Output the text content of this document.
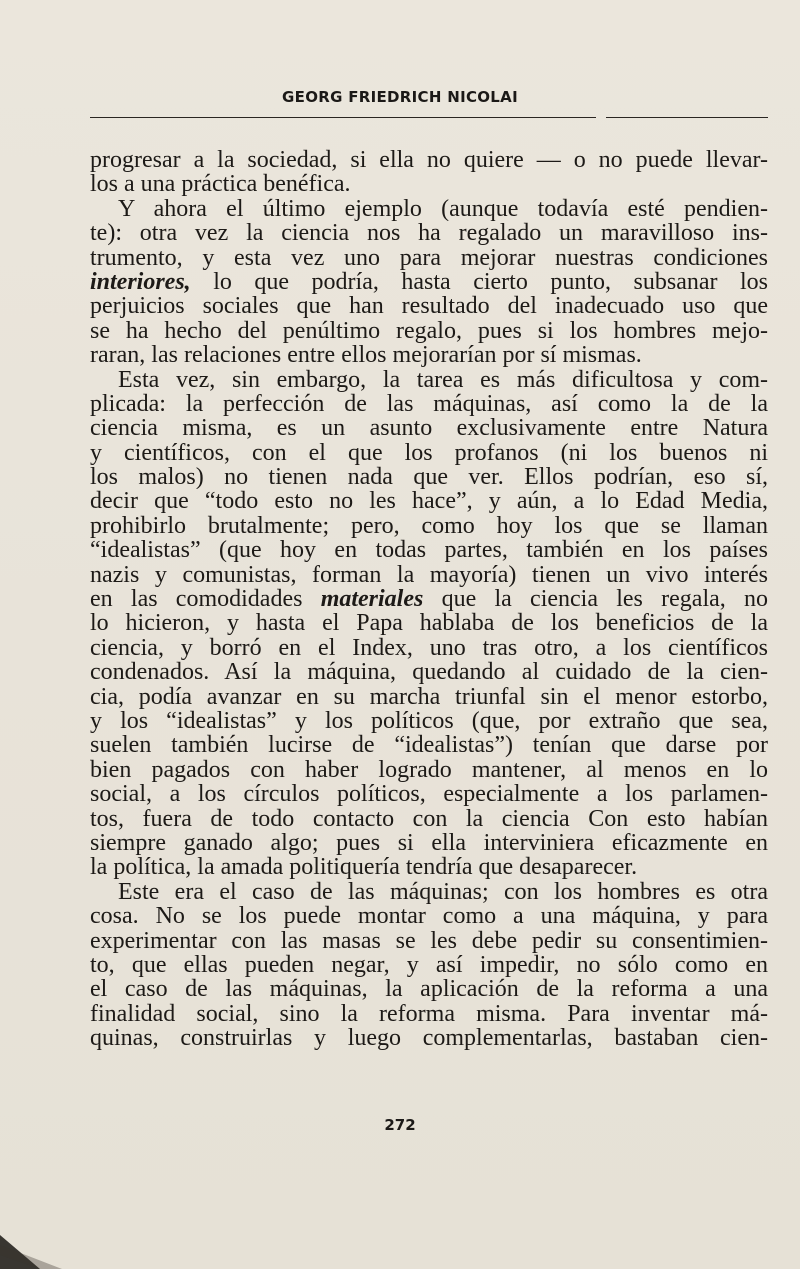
GEORG FRIEDRICH NICOLAI
progresar a la sociedad, si ella no quiere — o no puede llevar-
los a una práctica benéfica.
Y ahora el último ejemplo (aunque todavía esté pendien-
te): otra vez la ciencia nos ha regalado un maravilloso ins-
trumento, y esta vez uno para mejorar nuestras condiciones
interiores, lo que podría, hasta cierto punto, subsanar los
perjuicios sociales que han resultado del inadecuado uso que
se ha hecho del penúltimo regalo, pues si los hombres mejo-
raran, las relaciones entre ellos mejorarían por sí mismas.
Esta vez, sin embargo, la tarea es más dificultosa y com-
plicada: la perfección de las máquinas, así como la de la
ciencia misma, es un asunto exclusivamente entre Natura
y científicos, con el que los profanos (ni los buenos ni
los malos) no tienen nada que ver. Ellos podrían, eso sí,
decir que “todo esto no les hace”, y aún, a lo Edad Media,
prohibirlo brutalmente; pero, como hoy los que se llaman
“idealistas” (que hoy en todas partes, también en los países
nazis y comunistas, forman la mayoría) tienen un vivo interés
en las comodidades materiales que la ciencia les regala, no
lo hicieron, y hasta el Papa hablaba de los beneficios de la
ciencia, y borró en el Index, uno tras otro, a los científicos
condenados. Así la máquina, quedando al cuidado de la cien-
cia, podía avanzar en su marcha triunfal sin el menor estorbo,
y los “idealistas” y los políticos (que, por extraño que sea,
suelen también lucirse de “idealistas”) tenían que darse por
bien pagados con haber logrado mantener, al menos en lo
social, a los círculos políticos, especialmente a los parlamen-
tos, fuera de todo contacto con la ciencia Con esto habían
siempre ganado algo; pues si ella interviniera eficazmente en
la política, la amada politiquería tendría que desaparecer.
Este era el caso de las máquinas; con los hombres es otra
cosa. No se los puede montar como a una máquina, y para
experimentar con las masas se les debe pedir su consentimien-
to, que ellas pueden negar, y así impedir, no sólo como en
el caso de las máquinas, la aplicación de la reforma a una
finalidad social, sino la reforma misma. Para inventar má-
quinas, construirlas y luego complementarlas, bastaban cien-
272
